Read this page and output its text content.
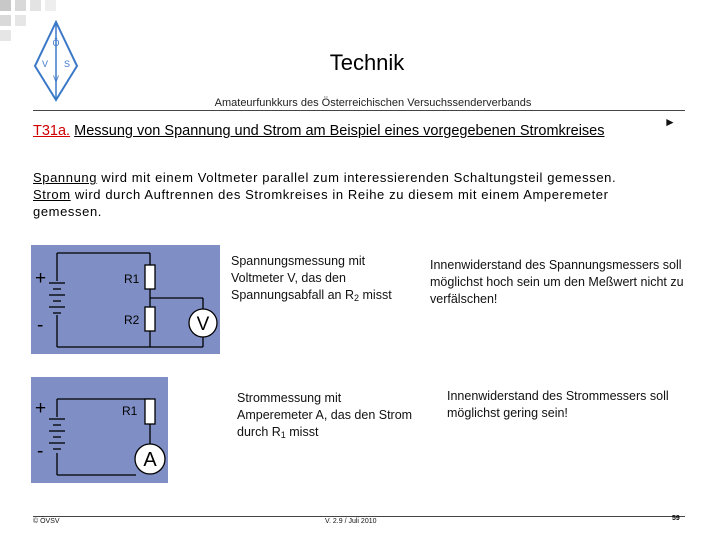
Ö
V S
V
Technik
Amateurfunkkurs des Österreichischen Versuchssenderverbands
►
T31a. Messung von Spannung und Strom am Beispiel eines vorgegebenen Stromkreises
Spannung wird mit einem Voltmeter parallel zum interessierenden Schaltungsteil gemessen.
Strom wird durch Auftrennen des Stromkreises in Reihe zu diesem mit einem Amperemeter gemessen.
+
-
R1
R2	V
+
-
R1
A
Spannungsmessung mit Voltmeter V, das den Spannungsabfall an $R_2$ misst
Innenwiderstand des Spannungsmessers soll möglichst hoch sein um den Meßwert nicht zu verfälschen!
Strommessung mit Amperemeter A, das den Strom durch $R_1$ misst
Innenwiderstand des Strommessers soll möglichst gering sein!
© ÖVSV	V. 2.9 / Juli 2010	59
